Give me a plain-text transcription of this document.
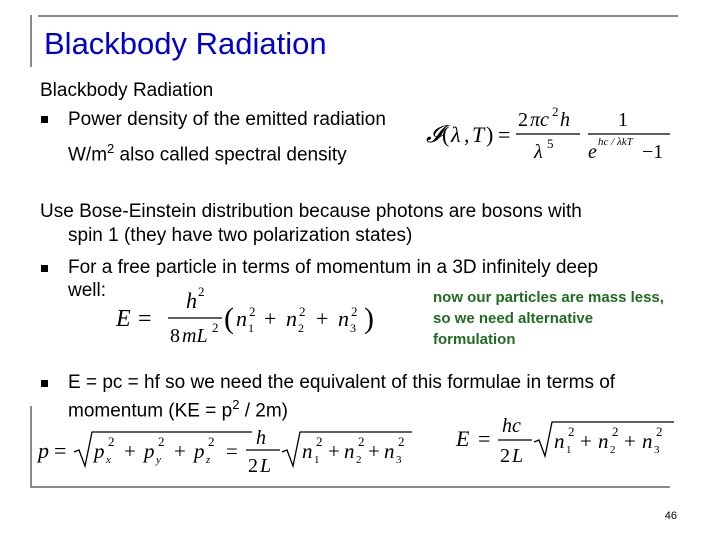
Blackbody Radiation
Blackbody Radiation
Power density of the emitted radiation
$W/m^2$ also called spectral density
𝓘 ( λ , T ) =
2 πc 2 h
λ 5
1
e hc / λkT −1
Use Bose-Einstein distribution because photons are bosons with
spin 1 (they have two polarization states)
For a free particle in terms of momentum in a 3D infinitely deep
well:
E =
h 2
8 mL 2 ( n 1
2 + n 2
2 + n 3
2 )
now our particles are mass less,
so we need alternative
formulation
E = pc = hf so we need the equivalent of this formulae in terms of
momentum $(KE = p^2 / 2m)$
p = p x
2 + p y
2 + p z
2 =
h
2 L
n 1
2 + n 2
2 + n 3
2 E = hc
2 L
n 1
2 + n 2
2 + n 3
2
46
